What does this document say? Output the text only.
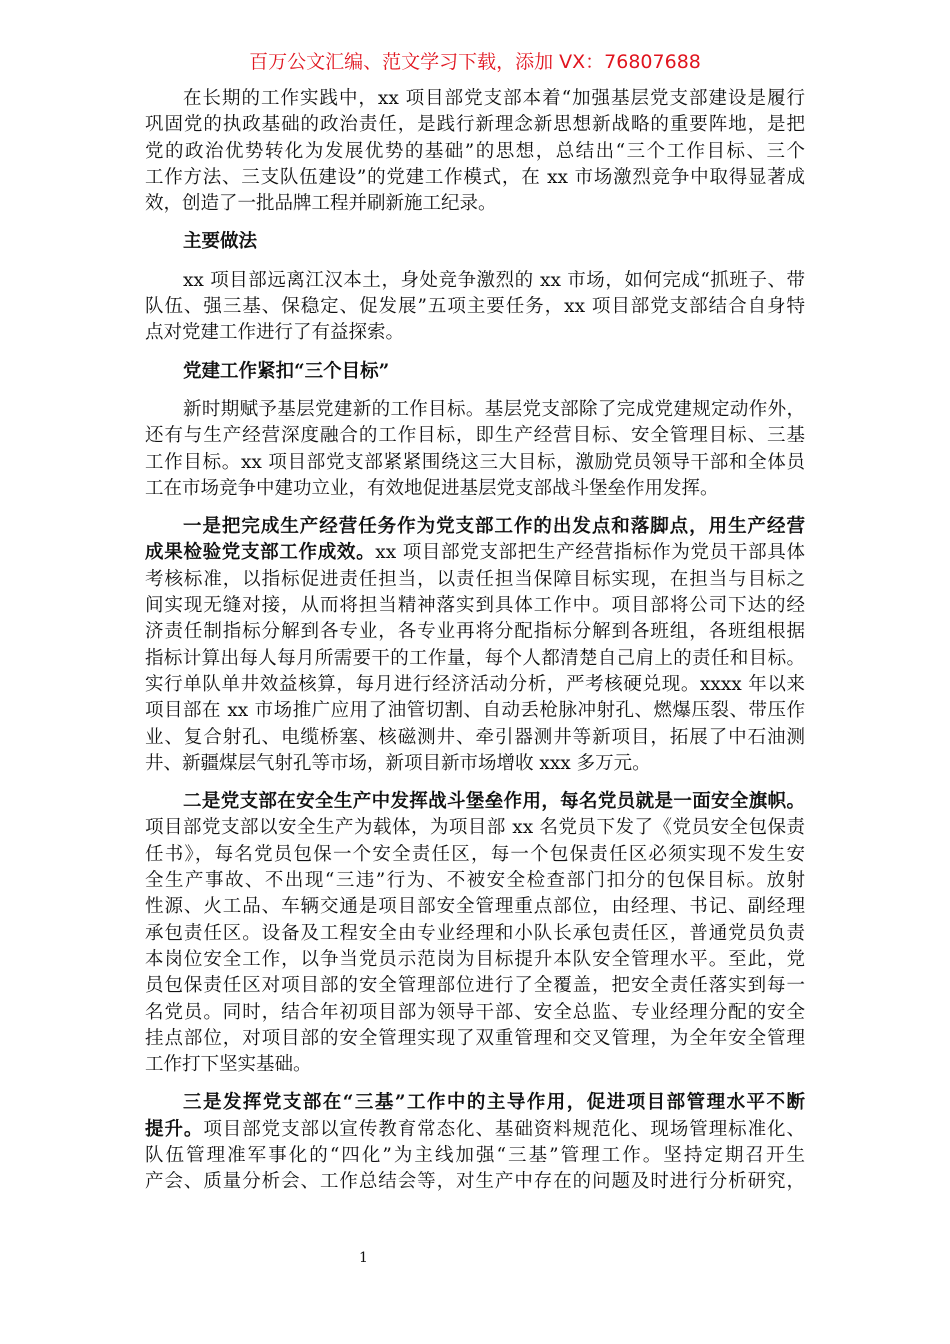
百万公文汇编、范文学习下载，添加 VX：76807688
在长期的工作实践中，xx 项目部党支部本着“加强基层党支部建设是履行
巩固党的执政基础的政治责任，是践行新理念新思想新战略的重要阵地，是把
党的政治优势转化为发展优势的基础”的思想，总结出“三个工作目标、三个
工作方法、三支队伍建设”的党建工作模式，在 xx 市场激烈竞争中取得显著成
效，创造了一批品牌工程并刷新施工纪录。
主要做法
xx 项目部远离江汉本土，身处竞争激烈的 xx 市场，如何完成“抓班子、带
队伍、强三基、保稳定、促发展”五项主要任务，xx 项目部党支部结合自身特
点对党建工作进行了有益探索。
党建工作紧扣“三个目标”
新时期赋予基层党建新的工作目标。基层党支部除了完成党建规定动作外，
还有与生产经营深度融合的工作目标，即生产经营目标、安全管理目标、三基
工作目标。xx 项目部党支部紧紧围绕这三大目标，激励党员领导干部和全体员
工在市场竞争中建功立业，有效地促进基层党支部战斗堡垒作用发挥。
一是把完成生产经营任务作为党支部工作的出发点和落脚点，用生产经营
成果检验党支部工作成效。xx 项目部党支部把生产经营指标作为党员干部具体
考核标准，以指标促进责任担当，以责任担当保障目标实现，在担当与目标之
间实现无缝对接，从而将担当精神落实到具体工作中。项目部将公司下达的经
济责任制指标分解到各专业，各专业再将分配指标分解到各班组，各班组根据
指标计算出每人每月所需要干的工作量，每个人都清楚自己肩上的责任和目标。
实行单队单井效益核算，每月进行经济活动分析，严考核硬兑现。xxxx 年以来
项目部在 xx 市场推广应用了油管切割、自动丢枪脉冲射孔、燃爆压裂、带压作
业、复合射孔、电缆桥塞、核磁测井、牵引器测井等新项目，拓展了中石油测
井、新疆煤层气射孔等市场，新项目新市场增收 xxx 多万元。
二是党支部在安全生产中发挥战斗堡垒作用，每名党员就是一面安全旗帜。
项目部党支部以安全生产为载体，为项目部 xx 名党员下发了《党员安全包保责
任书》，每名党员包保一个安全责任区，每一个包保责任区必须实现不发生安
全生产事故、不出现“三违”行为、不被安全检查部门扣分的包保目标。放射
性源、火工品、车辆交通是项目部安全管理重点部位，由经理、书记、副经理
承包责任区。设备及工程安全由专业经理和小队长承包责任区，普通党员负责
本岗位安全工作，以争当党员示范岗为目标提升本队安全管理水平。至此，党
员包保责任区对项目部的安全管理部位进行了全覆盖，把安全责任落实到每一
名党员。同时，结合年初项目部为领导干部、安全总监、专业经理分配的安全
挂点部位，对项目部的安全管理实现了双重管理和交叉管理，为全年安全管理
工作打下坚实基础。
三是发挥党支部在“三基”工作中的主导作用，促进项目部管理水平不断
提升。项目部党支部以宣传教育常态化、基础资料规范化、现场管理标准化、
队伍管理准军事化的“四化”为主线加强“三基”管理工作。坚持定期召开生
产会、质量分析会、工作总结会等，对生产中存在的问题及时进行分析研究，
1
